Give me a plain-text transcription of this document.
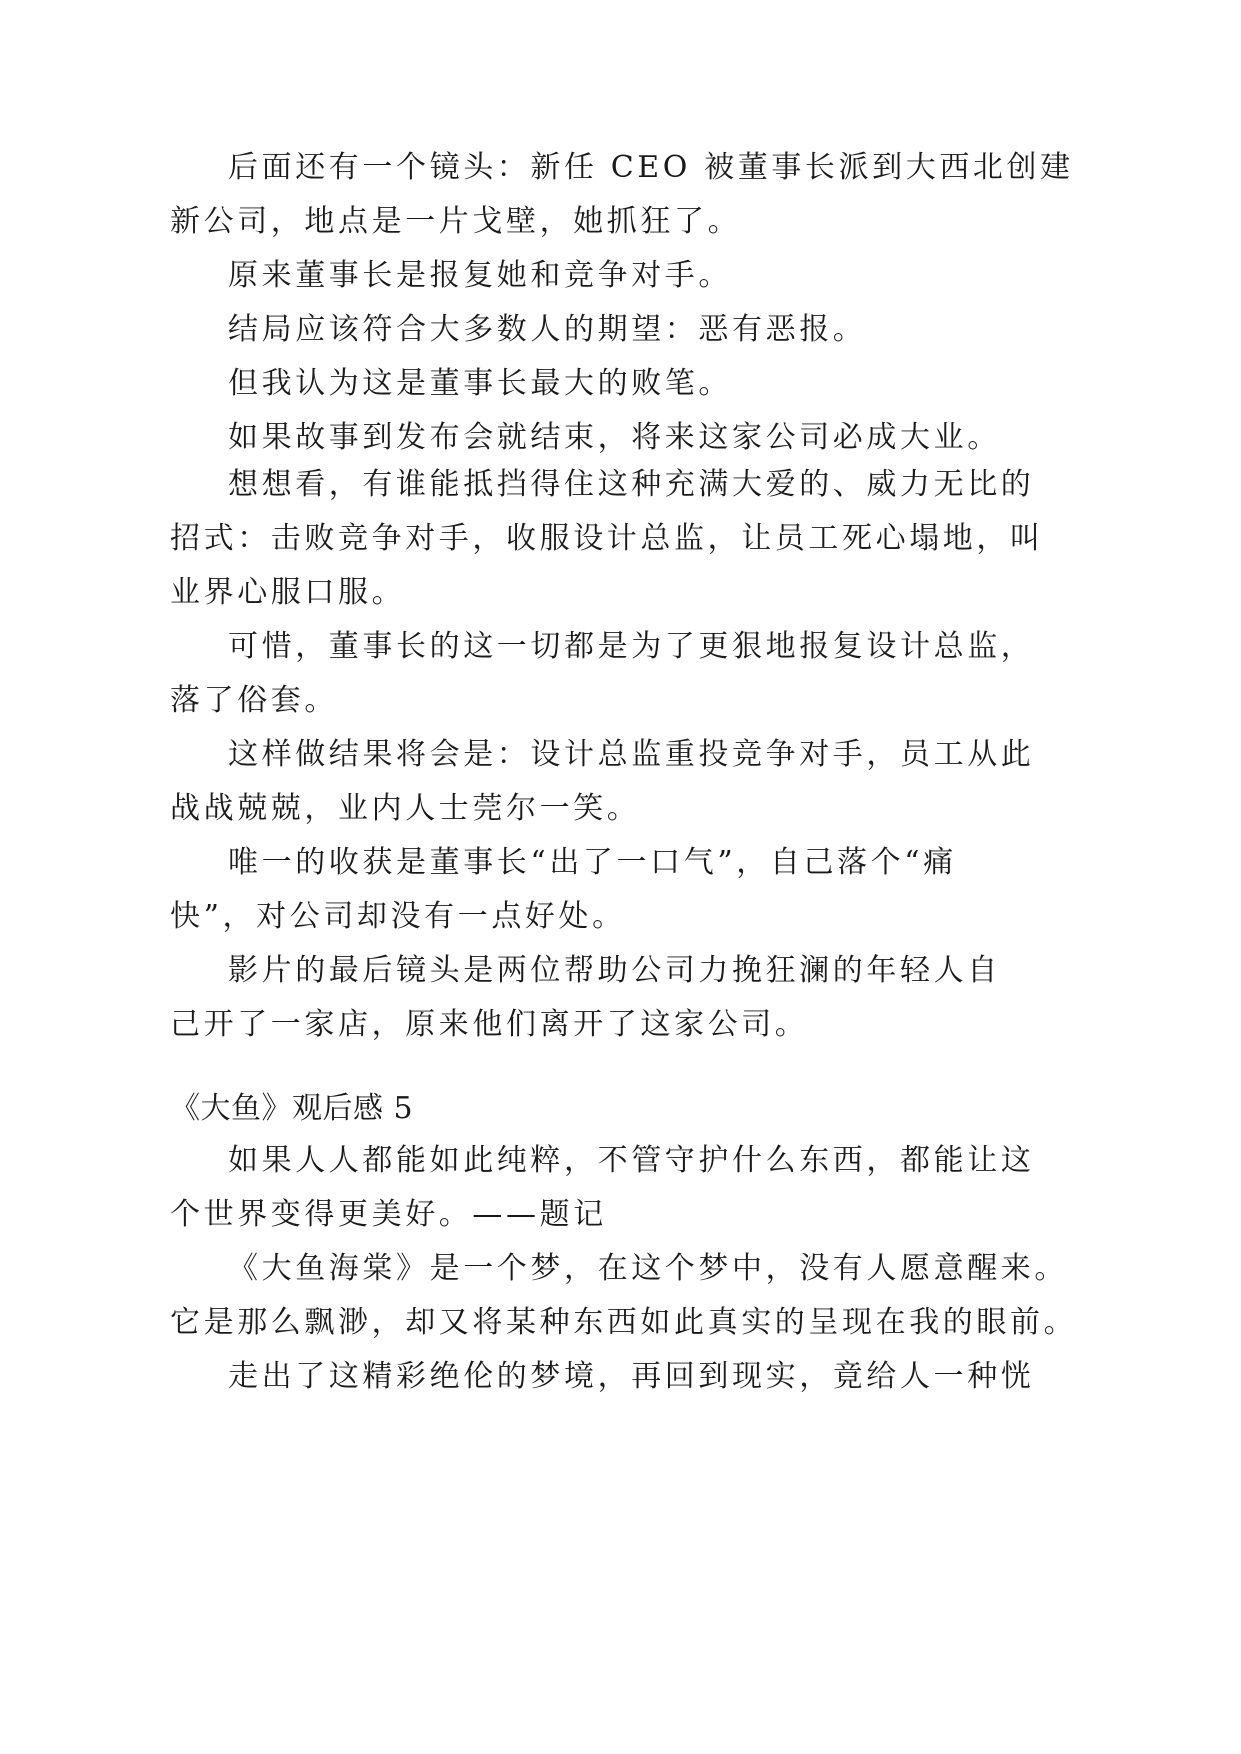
后面还有一个镜头：新任 CEO 被董事长派到大西北创建
新公司，地点是一片戈壁，她抓狂了。
原来董事长是报复她和竞争对手。
结局应该符合大多数人的期望：恶有恶报。
但我认为这是董事长最大的败笔。
如果故事到发布会就结束，将来这家公司必成大业。
想想看，有谁能抵挡得住这种充满大爱的、威力无比的
招式：击败竞争对手，收服设计总监，让员工死心塌地，叫
业界心服口服。
可惜，董事长的这一切都是为了更狠地报复设计总监，
落了俗套。
这样做结果将会是：设计总监重投竞争对手，员工从此
战战兢兢，业内人士莞尔一笑。
唯一的收获是董事长“出了一口气”，自己落个“痛
快”，对公司却没有一点好处。
影片的最后镜头是两位帮助公司力挽狂澜的年轻人自
己开了一家店，原来他们离开了这家公司。
《大鱼》观后感 5
如果人人都能如此纯粹，不管守护什么东西，都能让这
个世界变得更美好。——题记
《大鱼海棠》是一个梦，在这个梦中，没有人愿意醒来。
它是那么飘渺，却又将某种东西如此真实的呈现在我的眼前。
走出了这精彩绝伦的梦境，再回到现实，竟给人一种恍
